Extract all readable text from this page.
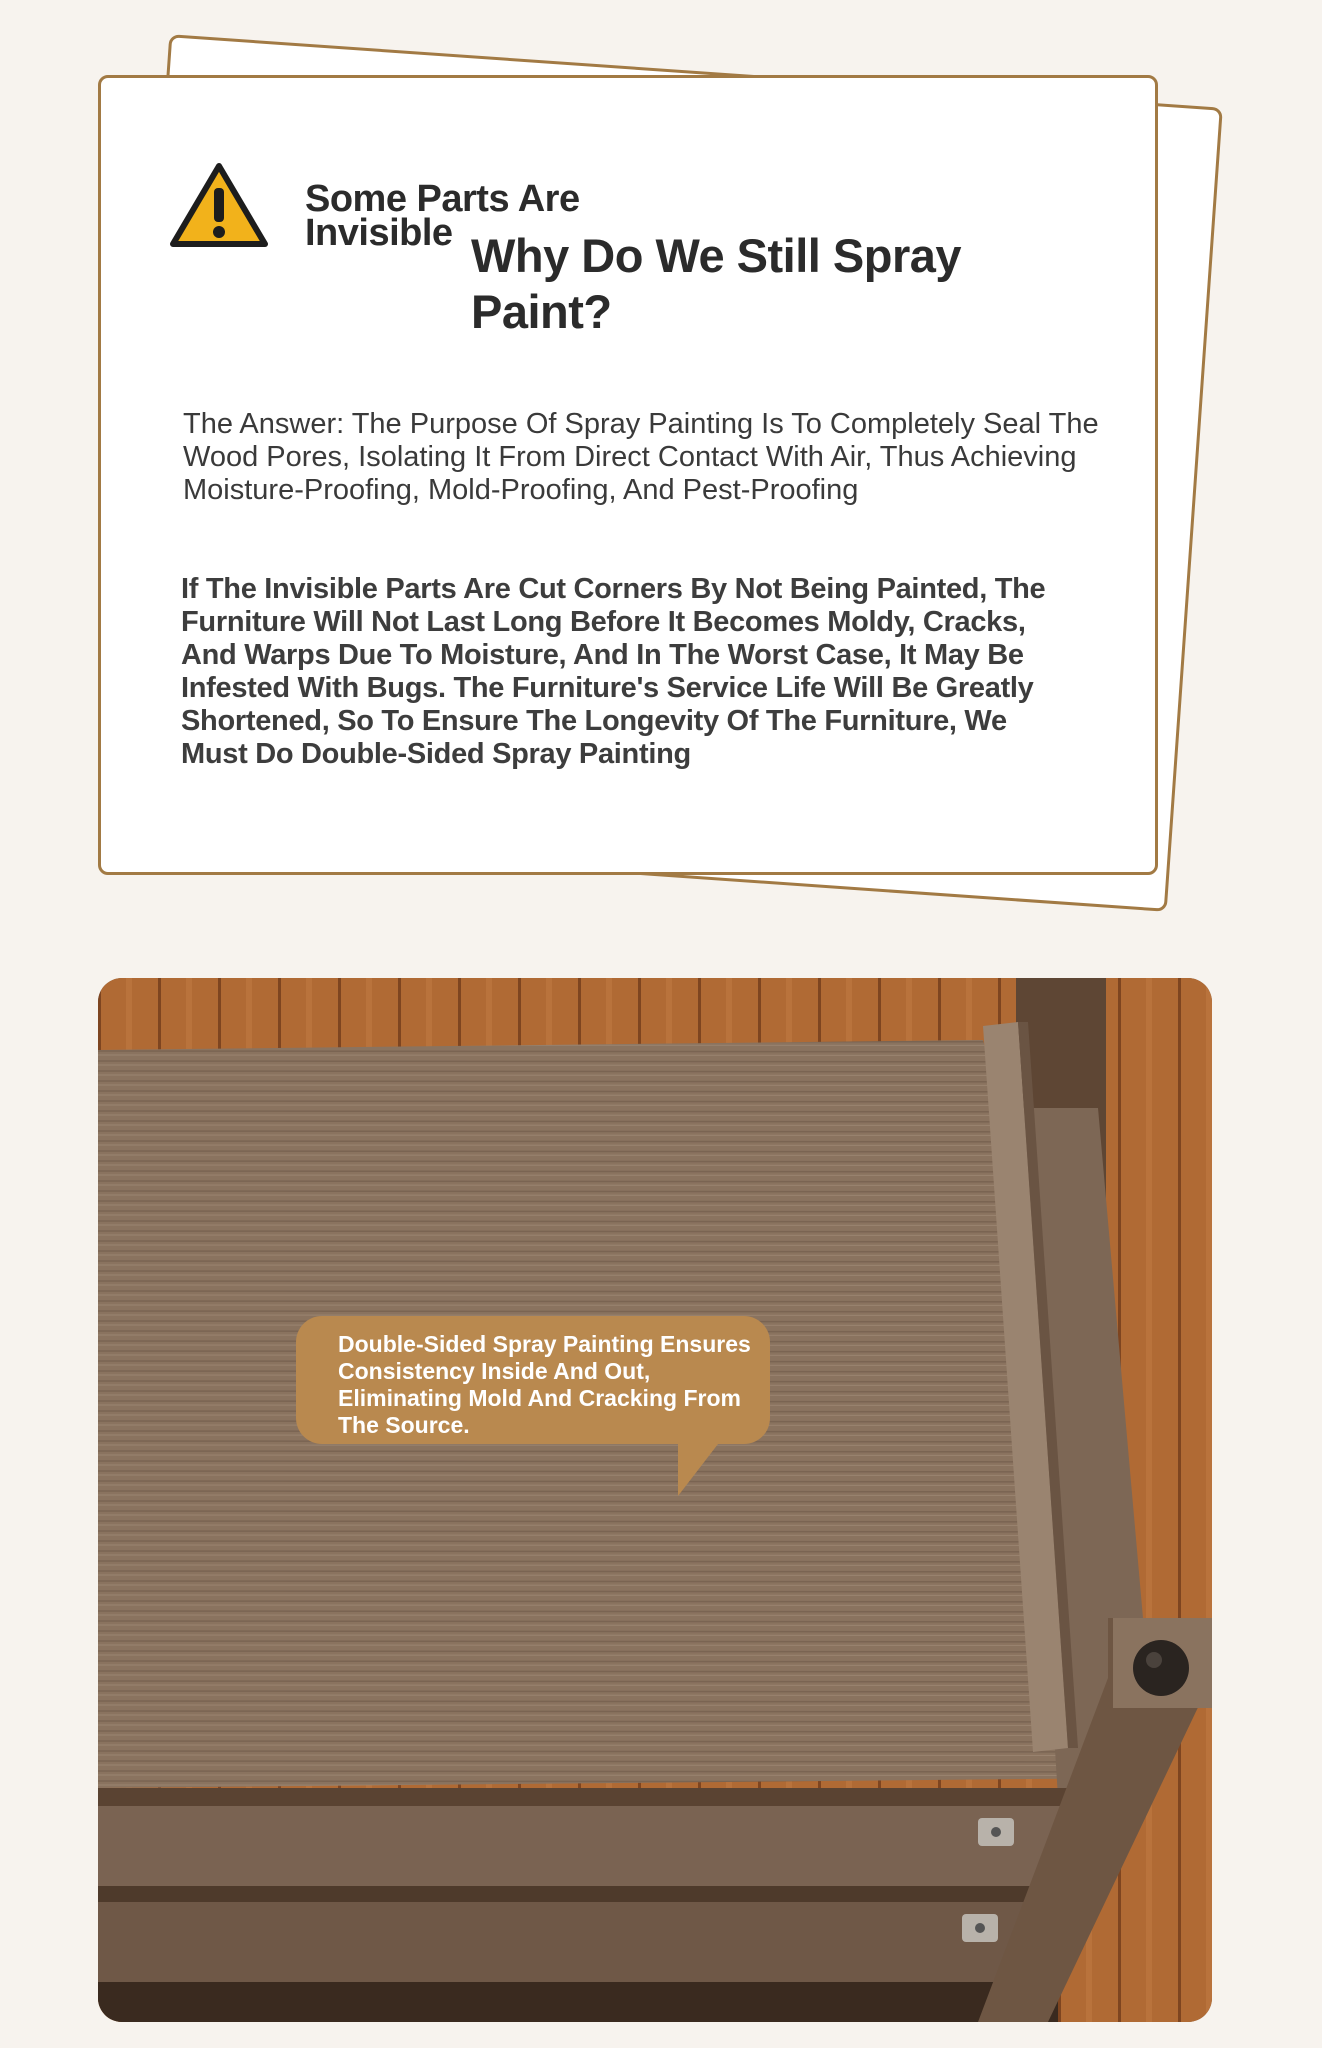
Some Parts Are Invisible Why Do We Still Spray Paint?
The Answer: The Purpose Of Spray Painting Is To Completely Seal The Wood Pores, Isolating It From Direct Contact With Air, Thus Achieving Moisture-Proofing, Mold-Proofing, And Pest-Proofing
If The Invisible Parts Are Cut Corners By Not Being Painted, The Furniture Will Not Last Long Before It Becomes Moldy, Cracks, And Warps Due To Moisture, And In The Worst Case, It May Be Infested With Bugs. The Furniture's Service Life Will Be Greatly Shortened, So To Ensure The Longevity Of The Furniture, We Must Do Double-Sided Spray Painting
Double-Sided Spray Painting Ensures Consistency Inside And Out, Eliminating Mold And Cracking From The Source.
